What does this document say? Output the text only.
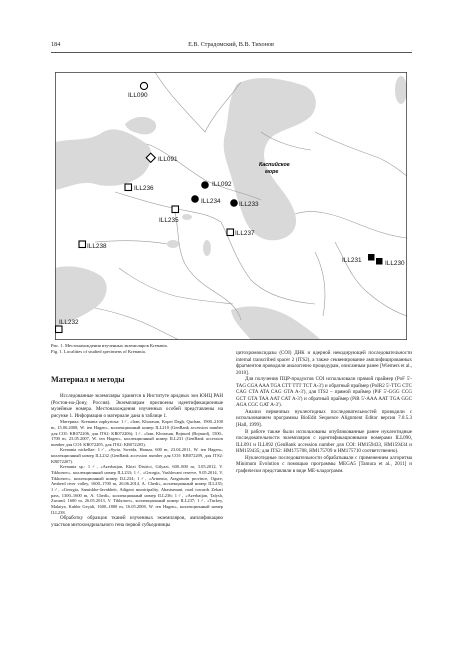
184	Е.В. Страдомский, В.В. Тихонов
Каспийское
море
ILL090
ILL091
ILL236
ILL092
ILL234	ILL233
ILL235
ILL237
ILL238
ILL231	ILL230
ILL232
Рис. 1. Местонахождения изученных экземпляров Krenania.
Fig. 1. Localities of studied specimens of Krenania.

Материал и методы

Исследованные экземпляры хранятся в Институте аридных зон ЮНЦ РАН (Ростов-на-Дону, Россия). Экземплярам присвоены идентификационные музейные номера. Местонахождения изученных особей представлены на рисунке 1. Информация о материале дана в таблице 1.

Материал. Krenania zaphyrtosa: 1♂, «Iran, Khorasan, Kopet Dagh, Quchan, 1900–2100 m, 15.06.2008, W. ten Hagen», коллекционный номер ILL210 (GenBank accession number для COI: KR072206, для ITS2: KR072206); 1♂, «Iran, Khorasan, Bojnurd (Bojnurd), 1500–1700 m, 23.05.2007, W. ten Hagen», коллекционный номер ILL231 (GenBank accession number для COI: KR072205, для ITS2: KR072205).

Krenania nickellae: 1♂, «Syria, Sweida, Hamza, 600 m, 23.04.2011, W. ten Hagen», коллекционный номер ILL232 (GenBank accession number для COI: KR072209, для ITS2: KR072207).

Krenania sp.: 1♂, «Azerbaijan, Khizi District, Gilyazi, 600–800 m, 3.05.2012, V. Tikhonov», коллекционный номер ILL233; 1♂, «Georgia, Vashlovani reserve, 9.05.2014, V. Tikhonov», коллекционный номер ILL234; 1♂, «Armenia, Aragatsotn province, Ogure, Amberd river valley, 1600–1700 m, 26.06.2014, A. Chedi», коллекционный номер ILL235; 1♂, «Georgia, Samtskhe-Javakheti, Adigeni municipality, Abastumani, road towards Zekari pass, 1300–1600 m, A. Chedi», коллекционный номер ILL236; 1♂, «Azerbaijan, Talysh, Zuvand, 1600 m, 26.05.2013, V. Tikhonov», коллекционный номер ILL237; 1♂, «Turkey, Malatya, Kubbe Geçidi, 1600–1800 m, 16.05.2008, W. ten Hagen», коллекционный номер ILL238.

Обработку образцов тканей изученных экземпляров, амплификацию участков митохондриального гена первой субъединицы

цитохромоксидазы (COI) ДНК и ядерной некодирующей последовательности internal transcribed spacer 2 (ITS2), а также секвенирование амплифицированных фрагментов проводили аналогично процедурам, описанным ранее [Wiemers et al., 2010].

Для получения ПЦР-продуктов COI использовали прямой праймер (PoF 5'-TAG CGA AAA TGA CTT TTT TCT A-3') и обратный праймер (PoIR2 5'-TTG CTC CAG CTA ATA CAG GTA A-3'), для ITS2 – прямой праймер (PiF 5'-GGG CCG GCT GTA TAA AAT CAT A-3') и обратный праймер (PiR 5'-AAA AAT TGA GGC AGA CGC GAT A-3').

Анализ первичных нуклеотидных последовательностей проводили с использованием программы BioEdit Sequence Alignment Editor версии 7.0.5.3 [Hall, 1999].

В работе также были использованы опубликованные ранее нуклеотидные последовательности экземпляров с идентификационными номерами ILL090, ILL091 и ILL092 (GenBank accession number для COI: HM159433, HM159434 и HM159435; для ITS2: HM175708, HM175709 и HM175710 соответственно).

Нуклеотидные последовательности обрабатывали с применением алгоритма Minimum Evolution с помощью программы MEGA5 [Tamura et al., 2011] и графически представляли в виде ME-кладограмм.
